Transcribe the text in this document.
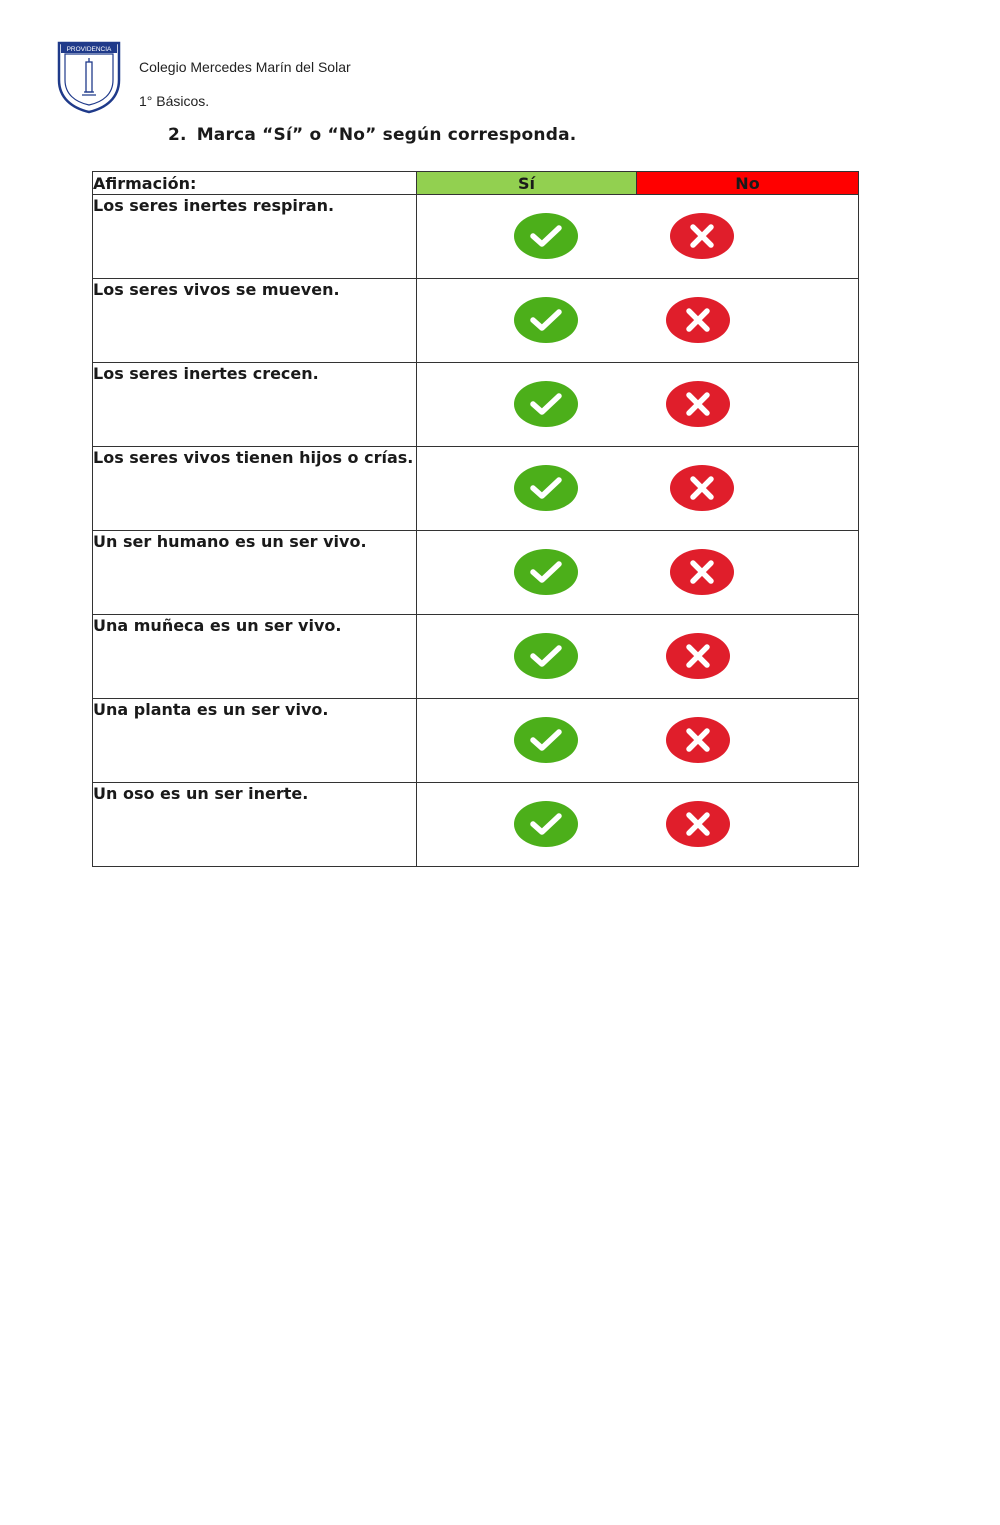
PROVIDENCIA
Colegio Mercedes Marín del Solar
1° Básicos.
2. Marca “Sí” o “No” según corresponda.
Afirmación:	Sí	No
Los seres inertes respiran.	

Los seres vivos se mueven.	

Los seres inertes crecen.	

Los seres vivos tienen hijos o crías.	

Un ser humano es un ser vivo.	

Una muñeca es un ser vivo.	

Una planta es un ser vivo.	

Un oso es un ser inerte.	
